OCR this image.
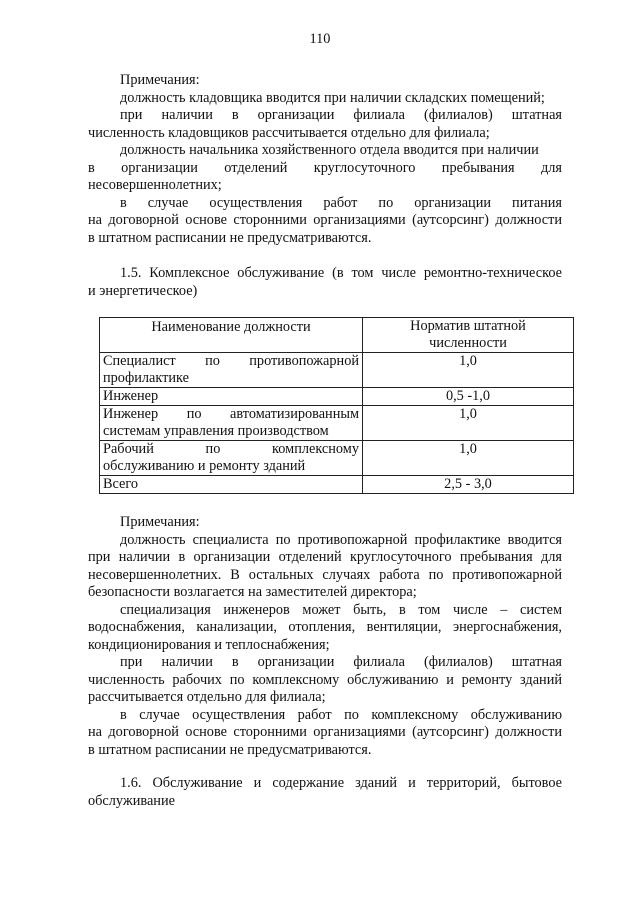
110
Примечания:
должность кладовщика вводится при наличии складских помещений;
при наличии в организации филиала (филиалов) штатная
численность кладовщиков рассчитывается отдельно для филиала;
должность начальника хозяйственного отдела вводится при наличии
в организации отделений круглосуточного пребывания для
несовершеннолетних;
в случае осуществления работ по организации питания
на договорной основе сторонними организациями (аутсорсинг) должности
в штатном расписании не предусматриваются.
1.5. Комплексное обслуживание (в том числе ремонтно-техническое
и энергетическое)
Наименование должности	Норматив штатной
численности

Специалист по противопожарной
профилактике	1,0

Инженер	0,5 -1,0

Инженер по автоматизированным
системам управления производством	1,0

Рабочий по комплексному
обслуживанию и ремонту зданий	1,0

Всего	2,5 - 3,0
Примечания:
должность специалиста по противопожарной профилактике вводится
при наличии в организации отделений круглосуточного пребывания для
несовершеннолетних. В остальных случаях работа по противопожарной
безопасности возлагается на заместителей директора;
специализация инженеров может быть, в том числе – систем
водоснабжения, канализации, отопления, вентиляции, энергоснабжения,
кондиционирования и теплоснабжения;
при наличии в организации филиала (филиалов) штатная
численность рабочих по комплексному обслуживанию и ремонту зданий
рассчитывается отдельно для филиала;
в случае осуществления работ по комплексному обслуживанию
на договорной основе сторонними организациями (аутсорсинг) должности
в штатном расписании не предусматриваются.
1.6. Обслуживание и содержание зданий и территорий, бытовое
обслуживание
